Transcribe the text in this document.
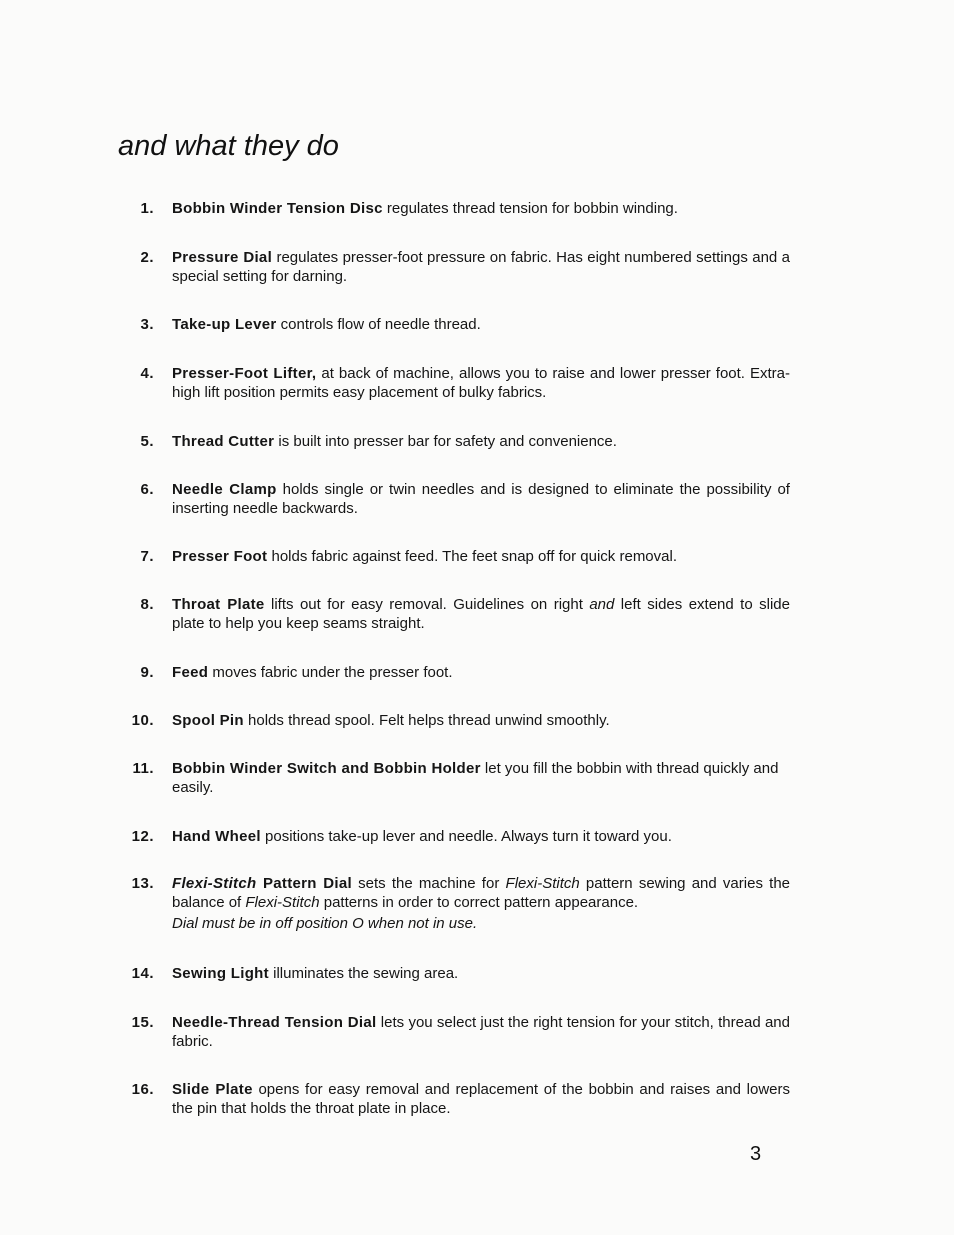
and what they do
1. Bobbin Winder Tension Disc regulates thread tension for bobbin winding.
2. Pressure Dial regulates presser-foot pressure on fabric. Has eight numbered settings and a special setting for darning.
3. Take-up Lever controls flow of needle thread.
4. Presser-Foot Lifter, at back of machine, allows you to raise and lower presser foot. Extra-high lift position permits easy placement of bulky fabrics.
5. Thread Cutter is built into presser bar for safety and convenience.
6. Needle Clamp holds single or twin needles and is designed to eliminate the possibility of inserting needle backwards.
7. Presser Foot holds fabric against feed. The feet snap off for quick removal.
8. Throat Plate lifts out for easy removal. Guidelines on right and left sides extend to slide plate to help you keep seams straight.
9. Feed moves fabric under the presser foot.
10. Spool Pin holds thread spool. Felt helps thread unwind smoothly.
11. Bobbin Winder Switch and Bobbin Holder let you fill the bobbin with thread quickly and easily.
12. Hand Wheel positions take-up lever and needle. Always turn it toward you.
13. Flexi-Stitch Pattern Dial sets the machine for Flexi-Stitch pattern sewing and varies the balance of Flexi-Stitch patterns in order to correct pattern appearance.
Dial must be in off position O when not in use.
14. Sewing Light illuminates the sewing area.
15. Needle-Thread Tension Dial lets you select just the right tension for your stitch, thread and fabric.
16. Slide Plate opens for easy removal and replacement of the bobbin and raises and lowers the pin that holds the throat plate in place.
3
